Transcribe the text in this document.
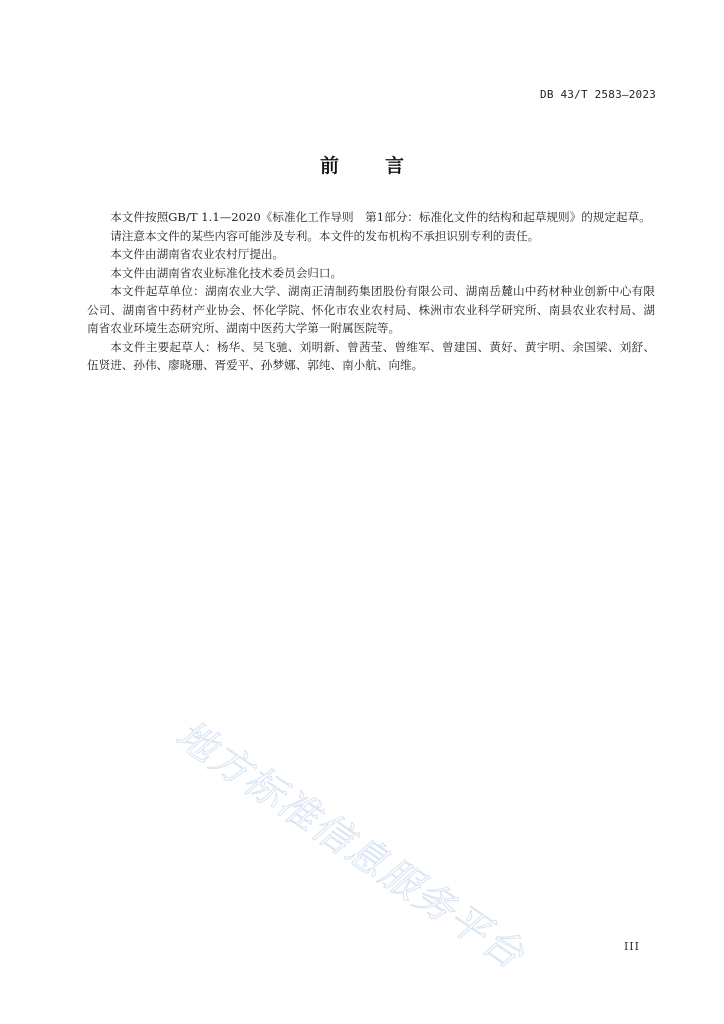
DB 43/T 2583—2023
前言

本文件按照GB/T 1.1—2020《标准化工作导则　第1部分：标准化文件的结构和起草规则》的规定起草。

请注意本文件的某些内容可能涉及专利。本文件的发布机构不承担识别专利的责任。

本文件由湖南省农业农村厅提出。

本文件由湖南省农业标准化技术委员会归口。

本文件起草单位：湖南农业大学、湖南正清制药集团股份有限公司、湖南岳麓山中药材种业创新中心有限公司、湖南省中药材产业协会、怀化学院、怀化市农业农村局、株洲市农业科学研究所、南县农业农村局、湖南省农业环境生态研究所、湖南中医药大学第一附属医院等。

本文件主要起草人：杨华、吴飞驰、刘明新、曾茜莹、曾维军、曾建国、黄好、黄宇明、余国梁、刘舒、伍贤进、孙伟、廖晓珊、胥爱平、孙梦娜、郭纯、南小航、向维。

地方标准信息服务平台	III
